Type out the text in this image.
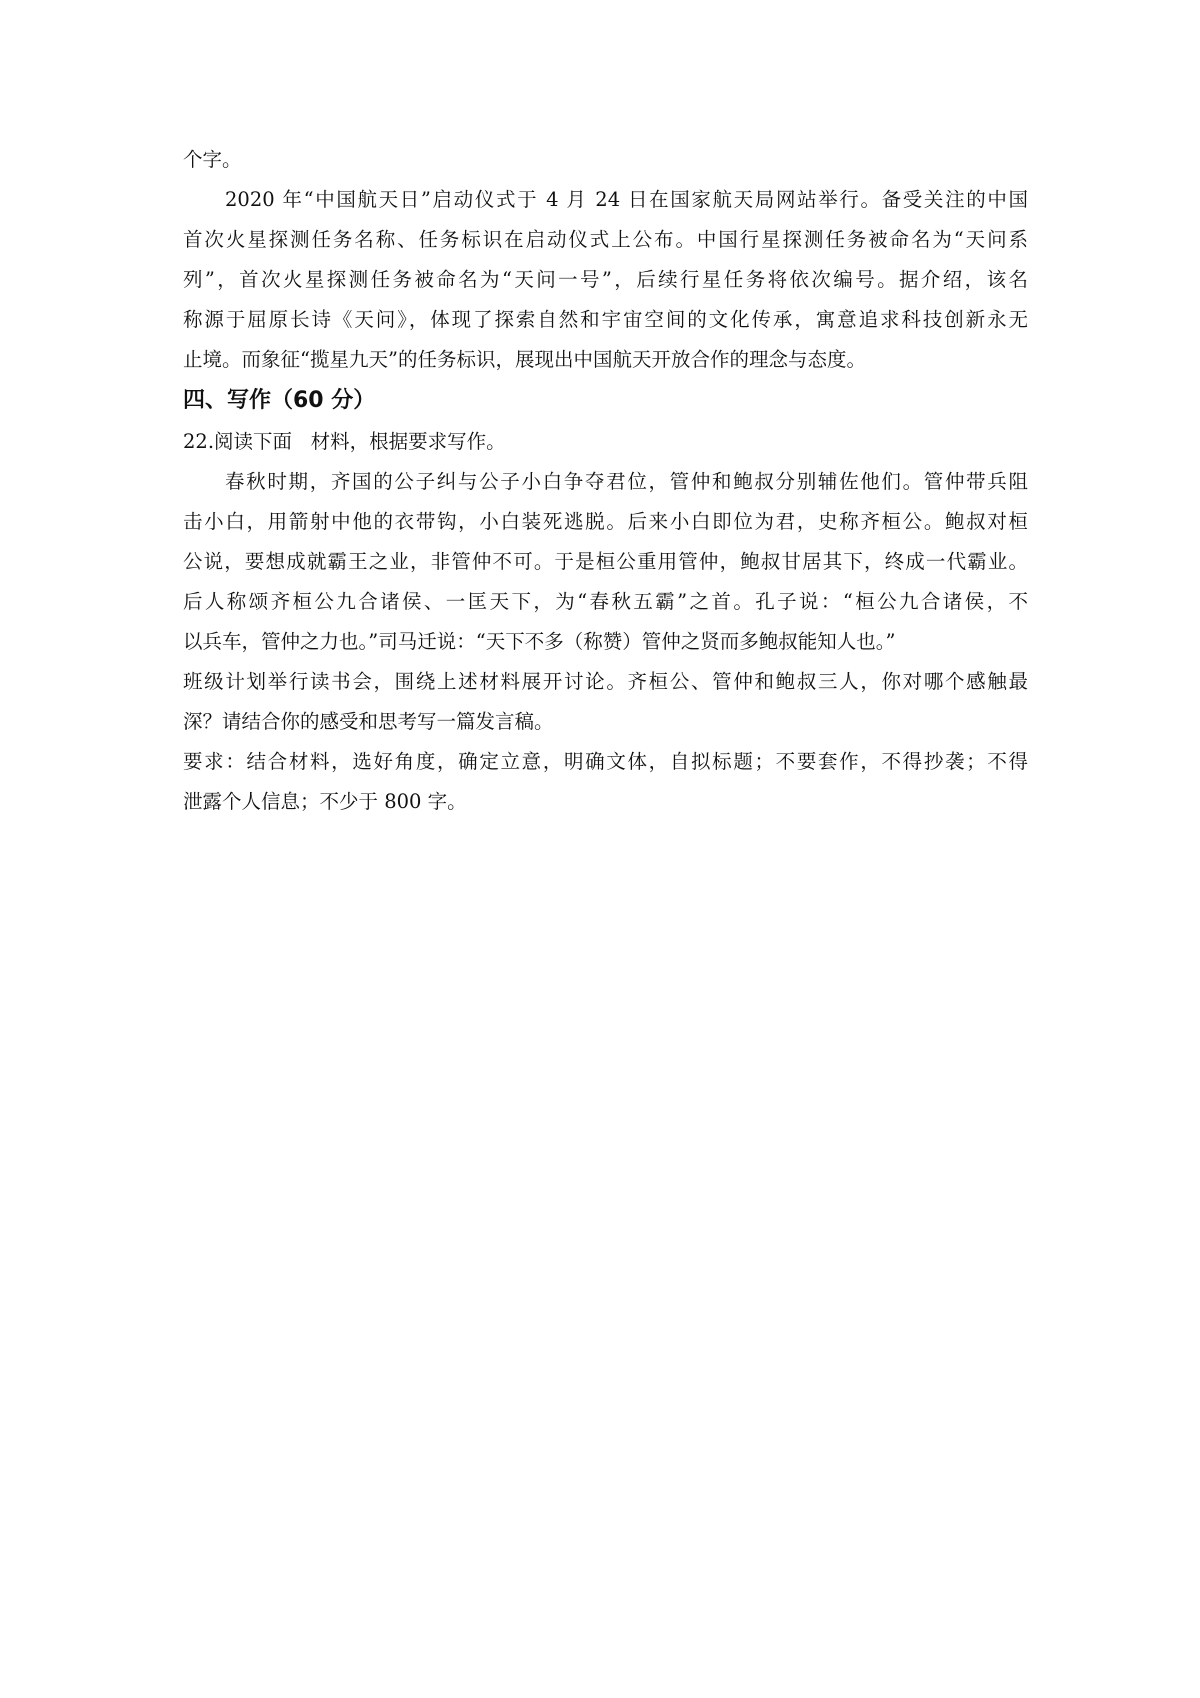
个字。

2020 年“中国航天日”启动仪式于 4 月 24 日在国家航天局网站举行。备受关注的中国

首次火星探测任务名称、任务标识在启动仪式上公布。中国行星探测任务被命名为“天问系

列”，首次火星探测任务被命名为“天问一号”，后续行星任务将依次编号。据介绍，该名

称源于屈原长诗《天问》，体现了探索自然和宇宙空间的文化传承，寓意追求科技创新永无

止境。而象征“揽星九天”的任务标识，展现出中国航天开放合作的理念与态度。

四、写作（60 分）

22.阅读下面   材料，根据要求写作。

春秋时期，齐国的公子纠与公子小白争夺君位，管仲和鲍叔分别辅佐他们。管仲带兵阻

击小白，用箭射中他的衣带钩，小白装死逃脱。后来小白即位为君，史称齐桓公。鲍叔对桓

公说，要想成就霸王之业，非管仲不可。于是桓公重用管仲，鲍叔甘居其下，终成一代霸业。

后人称颂齐桓公九合诸侯、一匡天下，为“春秋五霸”之首。孔子说：“桓公九合诸侯，不

以兵车，管仲之力也。”司马迁说：“天下不多（称赞）管仲之贤而多鲍叔能知人也。”

班级计划举行读书会，围绕上述材料展开讨论。齐桓公、管仲和鲍叔三人，你对哪个感触最

深？请结合你的感受和思考写一篇发言稿。

要求：结合材料，选好角度，确定立意，明确文体，自拟标题；不要套作，不得抄袭；不得

泄露个人信息；不少于 800 字。
